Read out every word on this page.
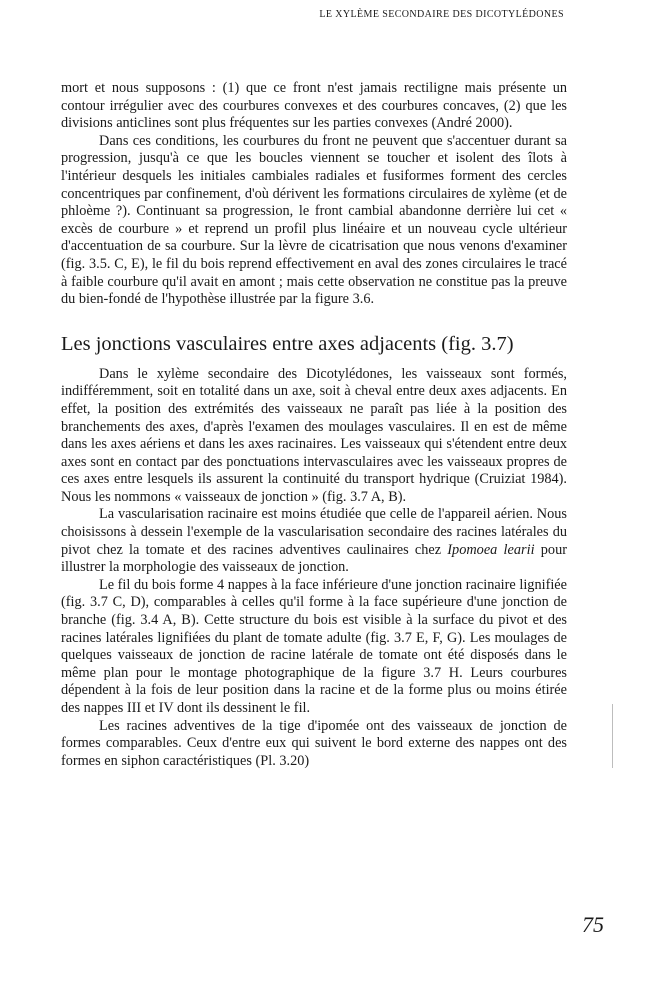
LE XYLÈME SECONDAIRE DES DICOTYLÉDONES

mort et nous supposons : (1) que ce front n'est jamais rectiligne mais présente un contour irrégulier avec des courbures convexes et des courbures concaves, (2) que les divisions anticlines sont plus fréquentes sur les parties convexes (André 2000).

Dans ces conditions, les courbures du front ne peuvent que s'accentuer durant sa progression, jusqu'à ce que les boucles viennent se toucher et isolent des îlots à l'intérieur desquels les initiales cambiales radiales et fusiformes forment des cercles concentriques par confinement, d'où dérivent les formations circulaires de xylème (et de phloème ?). Continuant sa progression, le front cambial abandonne derrière lui cet « excès de courbure » et reprend un profil plus linéaire et un nouveau cycle ultérieur d'accentuation de sa courbure. Sur la lèvre de cicatrisation que nous venons d'examiner (fig. 3.5. C, E), le fil du bois reprend effectivement en aval des zones circulaires le tracé à faible courbure qu'il avait en amont ; mais cette observation ne constitue pas la preuve du bien-fondé de l'hypothèse illustrée par la figure 3.6.

Les jonctions vasculaires entre axes adjacents (fig. 3.7)

Dans le xylème secondaire des Dicotylédones, les vaisseaux sont formés, indifféremment, soit en totalité dans un axe, soit à cheval entre deux axes adjacents. En effet, la position des extrémités des vaisseaux ne paraît pas liée à la position des branchements des axes, d'après l'examen des moulages vasculaires. Il en est de même dans les axes aériens et dans les axes racinaires. Les vaisseaux qui s'étendent entre deux axes sont en contact par des ponctuations intervasculaires avec les vaisseaux propres de ces axes entre lesquels ils assurent la continuité du transport hydrique (Cruiziat 1984). Nous les nommons « vaisseaux de jonction » (fig. 3.7 A, B).

La vascularisation racinaire est moins étudiée que celle de l'appareil aérien. Nous choisissons à dessein l'exemple de la vascularisation secondaire des racines latérales du pivot chez la tomate et des racines adventives caulinaires chez Ipomoea learii pour illustrer la morphologie des vaisseaux de jonction.

Le fil du bois forme 4 nappes à la face inférieure d'une jonction racinaire lignifiée (fig. 3.7 C, D), comparables à celles qu'il forme à la face supérieure d'une jonction de branche (fig. 3.4 A, B). Cette structure du bois est visible à la surface du pivot et des racines latérales lignifiées du plant de tomate adulte (fig. 3.7 E, F, G). Les moulages de quelques vaisseaux de jonction de racine latérale de tomate ont été disposés dans le même plan pour le montage photographique de la figure 3.7 H. Leurs courbures dépendent à la fois de leur position dans la racine et de la forme plus ou moins étirée des nappes III et IV dont ils dessinent le fil.

Les racines adventives de la tige d'ipomée ont des vaisseaux de jonction de formes comparables. Ceux d'entre eux qui suivent le bord externe des nappes ont des formes en siphon caractéristiques (Pl. 3.20)

75
